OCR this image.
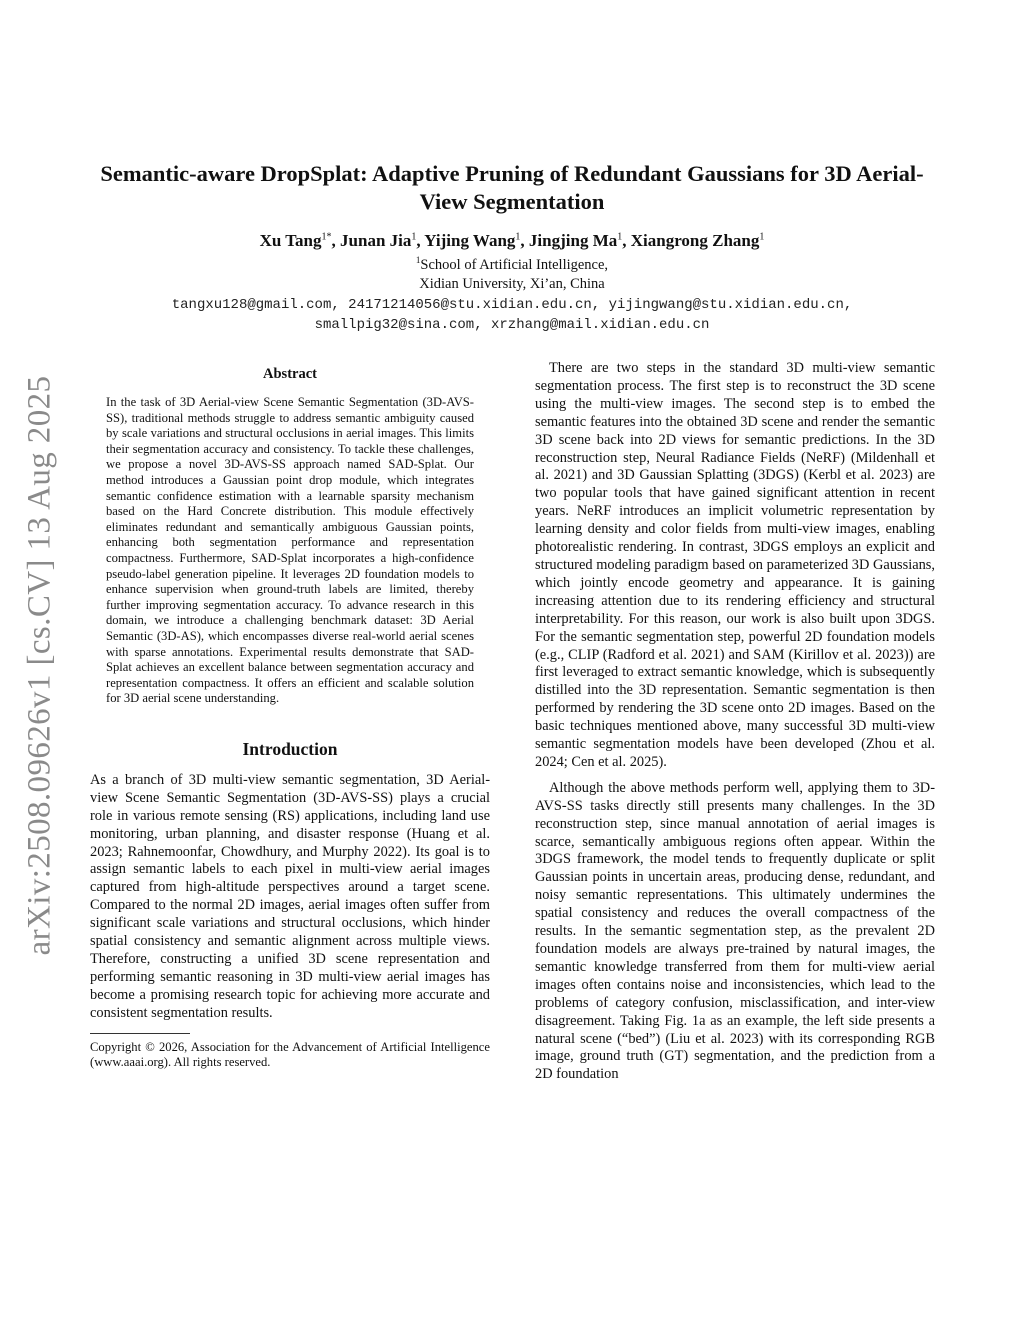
arXiv:2508.09626v1 [cs.CV] 13 Aug 2025
Semantic-aware DropSplat: Adaptive Pruning of Redundant Gaussians for 3D Aerial-View Segmentation
Xu Tang$^{1*}$, Junan Jia$^1$, Yijing Wang$^1$, Jingjing Ma$^1$, Xiangrong Zhang$^1$
$^1$School of Artificial Intelligence,
Xidian University, Xi’an, China
tangxu128@gmail.com, 24171214056@stu.xidian.edu.cn, yijingwang@stu.xidian.edu.cn,
smallpig32@sina.com, xrzhang@mail.xidian.edu.cn
Abstract

In the task of 3D Aerial-view Scene Semantic Segmentation (3D-AVS-SS), traditional methods struggle to address semantic ambiguity caused by scale variations and structural occlusions in aerial images. This limits their segmentation accuracy and consistency. To tackle these challenges, we propose a novel 3D-AVS-SS approach named SAD-Splat. Our method introduces a Gaussian point drop module, which integrates semantic confidence estimation with a learnable sparsity mechanism based on the Hard Concrete distribution. This module effectively eliminates redundant and semantically ambiguous Gaussian points, enhancing both segmentation performance and representation compactness. Furthermore, SAD-Splat incorporates a high-confidence pseudo-label generation pipeline. It leverages 2D foundation models to enhance supervision when ground-truth labels are limited, thereby further improving segmentation accuracy. To advance research in this domain, we introduce a challenging benchmark dataset: 3D Aerial Semantic (3D-AS), which encompasses diverse real-world aerial scenes with sparse annotations. Experimental results demonstrate that SAD-Splat achieves an excellent balance between segmentation accuracy and representation compactness. It offers an efficient and scalable solution for 3D aerial scene understanding.

Introduction

As a branch of 3D multi-view semantic segmentation, 3D Aerial-view Scene Semantic Segmentation (3D-AVS-SS) plays a crucial role in various remote sensing (RS) applications, including land use monitoring, urban planning, and disaster response (Huang et al. 2023; Rahnemoonfar, Chowdhury, and Murphy 2022). Its goal is to assign semantic labels to each pixel in multi-view aerial images captured from high-altitude perspectives around a target scene. Compared to the normal 2D images, aerial images often suffer from significant scale variations and structural occlusions, which hinder spatial consistency and semantic alignment across multiple views. Therefore, constructing a unified 3D scene representation and performing semantic reasoning in 3D multi-view aerial images has become a promising research topic for achieving more accurate and consistent segmentation results.

Copyright © 2026, Association for the Advancement of Artificial Intelligence (www.aaai.org). All rights reserved.

There are two steps in the standard 3D multi-view semantic segmentation process. The first step is to reconstruct the 3D scene using the multi-view images. The second step is to embed the semantic features into the obtained 3D scene and render the semantic 3D scene back into 2D views for semantic predictions. In the 3D reconstruction step, Neural Radiance Fields (NeRF) (Mildenhall et al. 2021) and 3D Gaussian Splatting (3DGS) (Kerbl et al. 2023) are two popular tools that have gained significant attention in recent years. NeRF introduces an implicit volumetric representation by learning density and color fields from multi-view images, enabling photorealistic rendering. In contrast, 3DGS employs an explicit and structured modeling paradigm based on parameterized 3D Gaussians, which jointly encode geometry and appearance. It is gaining increasing attention due to its rendering efficiency and structural interpretability. For this reason, our work is also built upon 3DGS. For the semantic segmentation step, powerful 2D foundation models (e.g., CLIP (Radford et al. 2021) and SAM (Kirillov et al. 2023)) are first leveraged to extract semantic knowledge, which is subsequently distilled into the 3D representation. Semantic segmentation is then performed by rendering the 3D scene onto 2D images. Based on the basic techniques mentioned above, many successful 3D multi-view semantic segmentation models have been developed (Zhou et al. 2024; Cen et al. 2025).

Although the above methods perform well, applying them to 3D-AVS-SS tasks directly still presents many challenges. In the 3D reconstruction step, since manual annotation of aerial images is scarce, semantically ambiguous regions often appear. Within the 3DGS framework, the model tends to frequently duplicate or split Gaussian points in uncertain areas, producing dense, redundant, and noisy semantic representations. This ultimately undermines the spatial consistency and reduces the overall compactness of the results. In the semantic segmentation step, as the prevalent 2D foundation models are always pre-trained by natural images, the semantic knowledge transferred from them for multi-view aerial images often contains noise and inconsistencies, which lead to the problems of category confusion, misclassification, and inter-view disagreement. Taking Fig. 1a as an example, the left side presents a natural scene (“bed”) (Liu et al. 2023) with its corresponding RGB image, ground truth (GT) segmentation, and the prediction from a 2D foundation
